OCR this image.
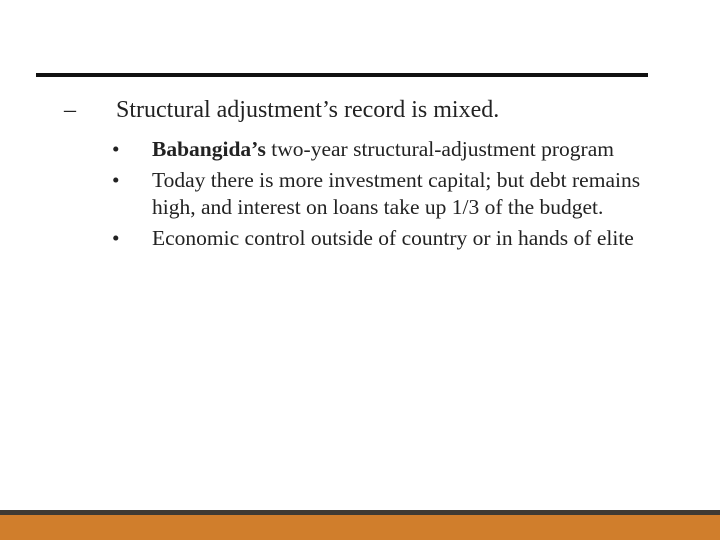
–	Structural adjustment’s record is mixed.
•	Babangida’s two-year structural-adjustment program
•	Today there is more investment capital; but debt remains high, and interest on loans take up 1/3 of the budget.
•	Economic control outside of country or in hands of elite
